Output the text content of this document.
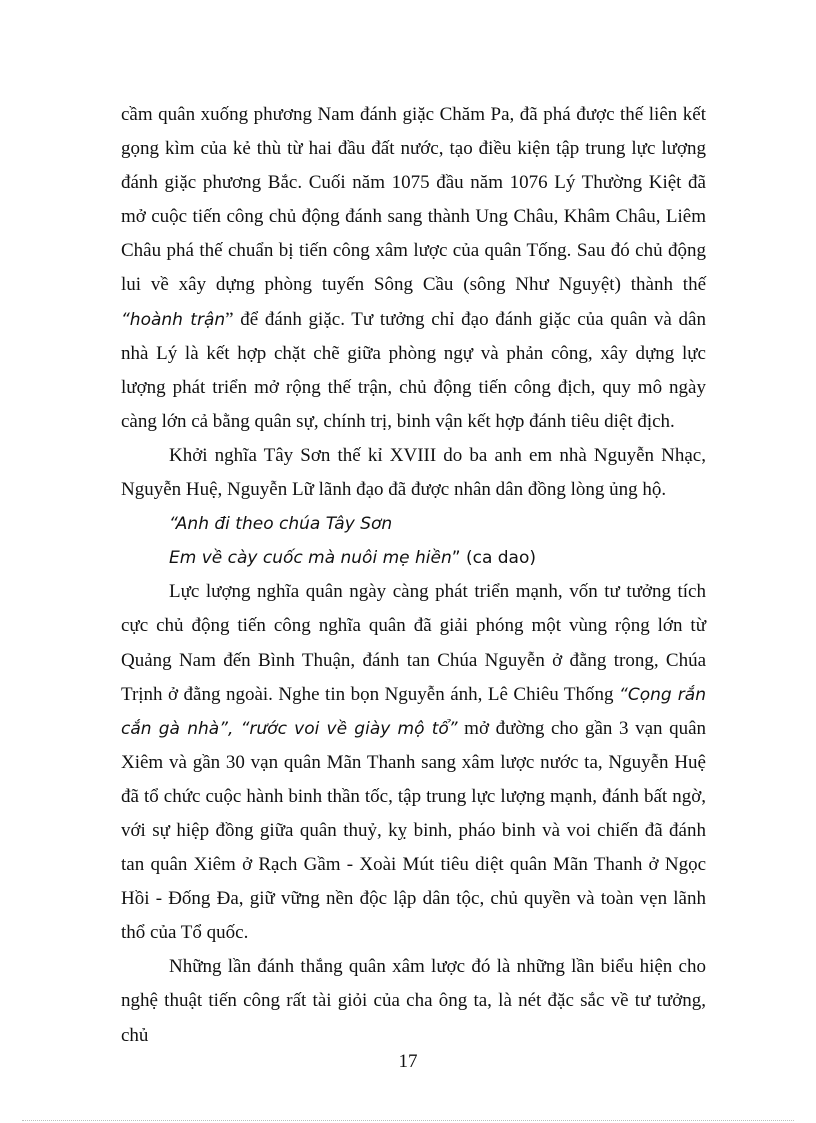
cầm quân xuống phương Nam đánh giặc Chăm Pa, đã phá được thế liên kết gọng kìm của kẻ thù từ hai đầu đất nước, tạo điều kiện tập trung lực lượng đánh giặc phương Bắc. Cuối năm 1075 đầu năm 1076 Lý Thường Kiệt đã mở cuộc tiến công chủ động đánh sang thành Ung Châu, Khâm Châu, Liêm Châu phá thế chuẩn bị tiến công xâm lược của quân Tống. Sau đó chủ động lui về xây dựng phòng tuyến Sông Cầu (sông Như Nguyệt) thành thế “hoành trận” để đánh giặc. Tư tưởng chỉ đạo đánh giặc của quân và dân nhà Lý là kết hợp chặt chẽ giữa phòng ngự và phản công, xây dựng lực lượng phát triển mở rộng thế trận, chủ động tiến công địch, quy mô ngày càng lớn cả bằng quân sự, chính trị, binh vận kết hợp đánh tiêu diệt địch.

Khởi nghĩa Tây Sơn thế kỉ XVIII do ba anh em nhà Nguyễn Nhạc, Nguyễn Huệ, Nguyễn Lữ lãnh đạo đã được nhân dân đồng lòng ủng hộ.

“Anh đi theo chúa Tây Sơn

Em về cày cuốc mà nuôi mẹ hiền” (ca dao)

Lực lượng nghĩa quân ngày càng phát triển mạnh, vốn tư tưởng tích cực chủ động tiến công nghĩa quân đã giải phóng một vùng rộng lớn từ Quảng Nam đến Bình Thuận, đánh tan Chúa Nguyễn ở đằng trong, Chúa Trịnh ở đằng ngoài. Nghe tin bọn Nguyễn ánh, Lê Chiêu Thống “Cọng rắn cắn gà nhà”, “rước voi về giày mộ tổ” mở đường cho gần 3 vạn quân Xiêm và gần 30 vạn quân Mãn Thanh sang xâm lược nước ta, Nguyễn Huệ đã tổ chức cuộc hành binh thần tốc, tập trung lực lượng mạnh, đánh bất ngờ, với sự hiệp đồng giữa quân thuỷ, kỵ binh, pháo binh và voi chiến đã đánh tan quân Xiêm ở Rạch Gầm - Xoài Mút tiêu diệt quân Mãn Thanh ở Ngọc Hồi - Đống Đa, giữ vững nền độc lập dân tộc, chủ quyền và toàn vẹn lãnh thổ của Tổ quốc.

Những lần đánh thắng quân xâm lược đó là những lần biểu hiện cho nghệ thuật tiến công rất tài giỏi của cha ông ta, là nét đặc sắc về tư tưởng, chủ

17
